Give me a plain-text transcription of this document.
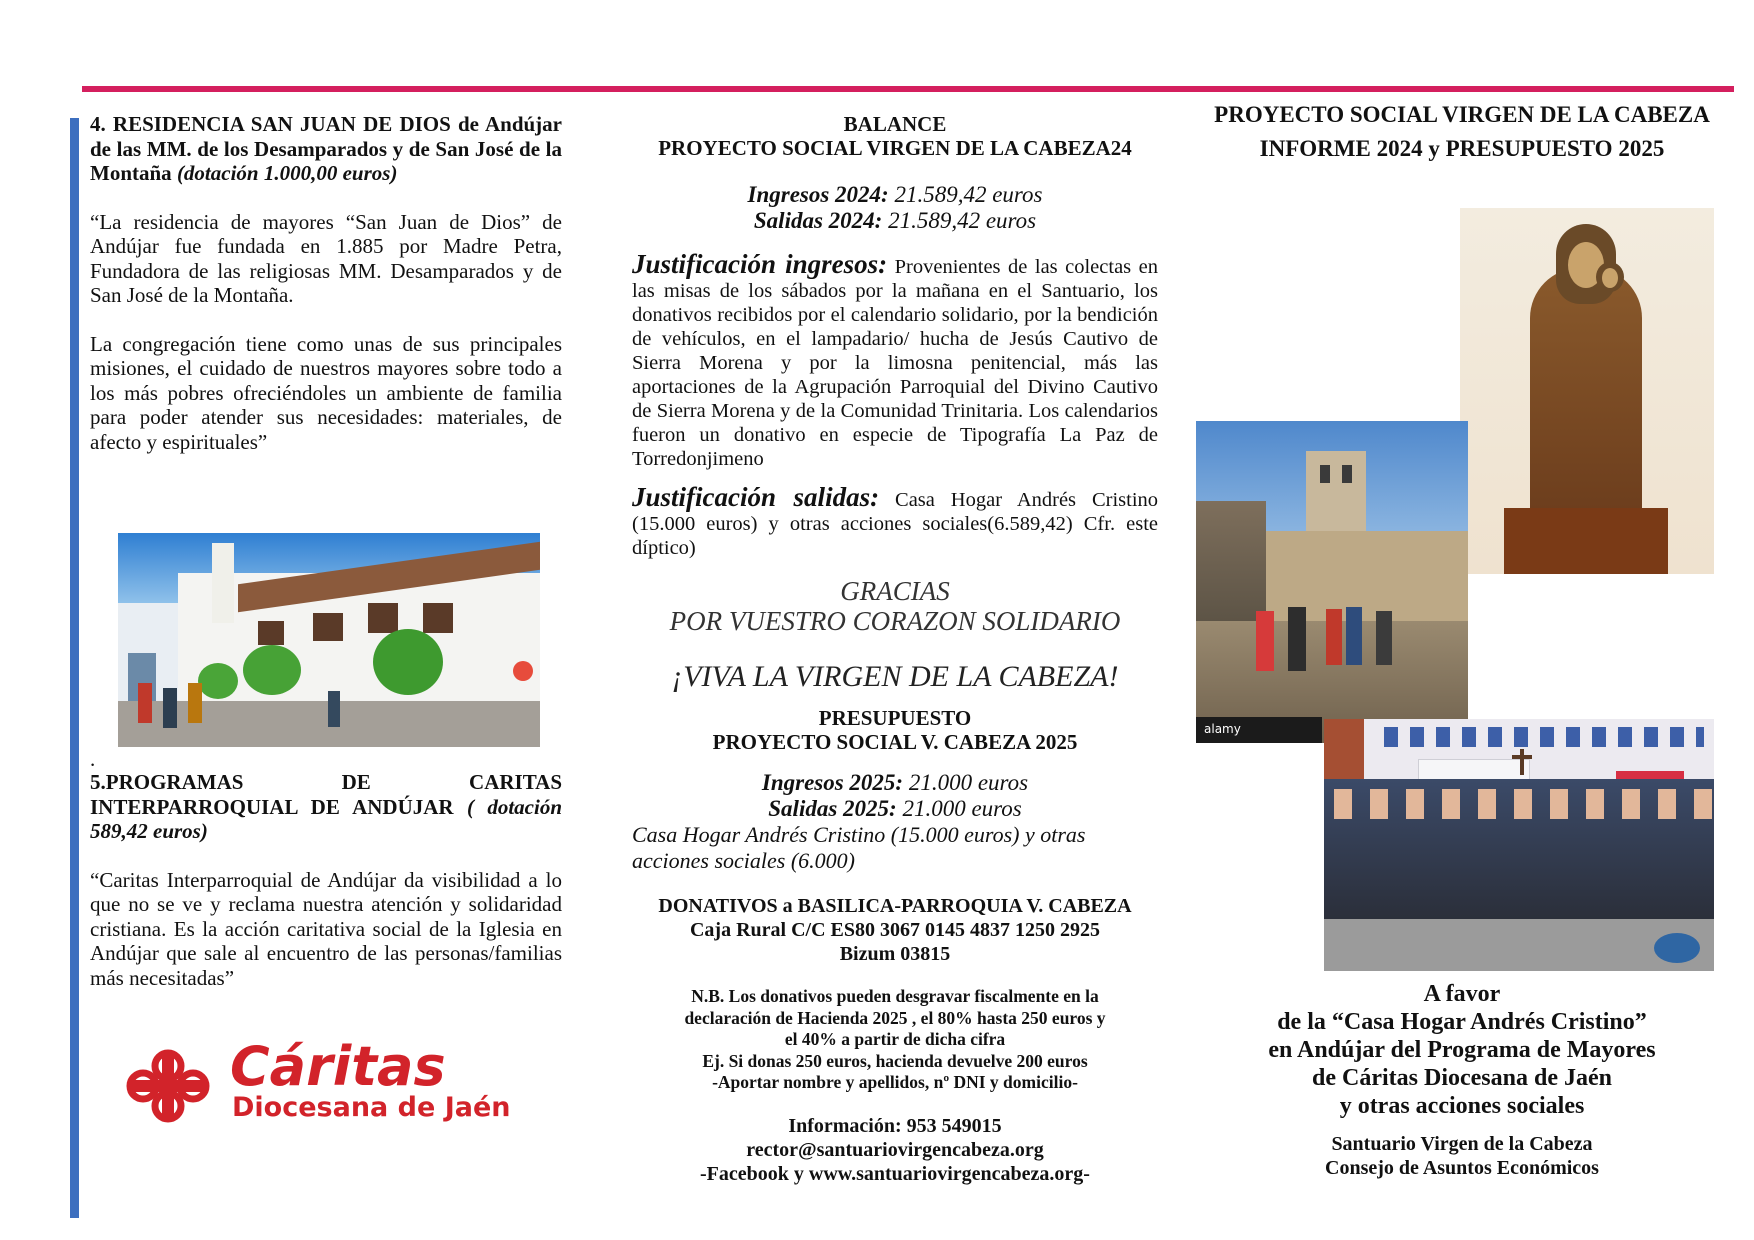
4. RESIDENCIA SAN JUAN DE DIOS de Andújar de las MM. de los Desamparados y de San José de la Montaña (dotación 1.000,00 euros)

“La residencia de mayores “San Juan de Dios” de Andújar fue fundada en 1.885 por Madre Petra, Fundadora de las religiosas MM. Desamparados y de San José de la Montaña.

La congregación tiene como unas de sus principales misiones, el cuidado de nuestros mayores sobre todo a los más pobres ofreciéndoles un ambiente de familia para poder atender sus necesidades: materiales, de afecto y espirituales”

.

5.PROGRAMAS DE CARITAS INTERPARROQUIAL DE ANDÚJAR ( dotación 589,42 euros)

“Caritas Interparroquial de Andújar da visibilidad a lo que no se ve y reclama nuestra atención y solidaridad cristiana. Es la acción caritativa social de la Iglesia en Andújar que sale al encuentro de las personas/familias más necesitadas”

Cáritas
Diocesana de Jaén

BALANCE

PROYECTO SOCIAL VIRGEN DE LA CABEZA24

Ingresos 2024: 21.589,42 euros

Salidas 2024: 21.589,42 euros

Justificación ingresos: Provenientes de las colectas en las misas de los sábados por la mañana en el Santuario, los donativos recibidos por el calendario solidario, por la bendición de vehículos, en el lampadario/ hucha de Jesús Cautivo de Sierra Morena y por la limosna penitencial, más las aportaciones de la Agrupación Parroquial del Divino Cautivo de Sierra Morena y de la Comunidad Trinitaria. Los calendarios fueron un donativo en especie de Tipografía La Paz de Torredonjimeno

Justificación salidas: Casa Hogar Andrés Cristino (15.000 euros) y otras acciones sociales(6.589,42) Cfr. este díptico)

GRACIAS

POR VUESTRO CORAZON SOLIDARIO

¡VIVA LA VIRGEN DE LA CABEZA!

PRESUPUESTO

PROYECTO SOCIAL V. CABEZA 2025

Ingresos 2025: 21.000 euros

Salidas 2025: 21.000 euros

Casa Hogar Andrés Cristino (15.000 euros) y otras acciones sociales (6.000)

DONATIVOS a BASILICA-PARROQUIA V. CABEZA

Caja Rural C/C ES80 3067 0145 4837 1250 2925

Bizum 03815

N.B. Los donativos pueden desgravar fiscalmente en la

declaración de Hacienda 2025 , el 80% hasta 250 euros y

el 40% a partir de dicha cifra

Ej. Si donas 250 euros, hacienda devuelve 200 euros

-Aportar nombre y apellidos, nº DNI y domicilio-

Información: 953 549015

rector@santuariovirgencabeza.org

-Facebook y www.santuariovirgencabeza.org-

PROYECTO SOCIAL VIRGEN DE LA CABEZA

INFORME 2024 y PRESUPUESTO 2025

alamy

A favor

de la “Casa Hogar Andrés Cristino”

en Andújar del Programa de Mayores

de Cáritas Diocesana de Jaén

y otras acciones sociales

Santuario Virgen de la Cabeza

Consejo de Asuntos Económicos
